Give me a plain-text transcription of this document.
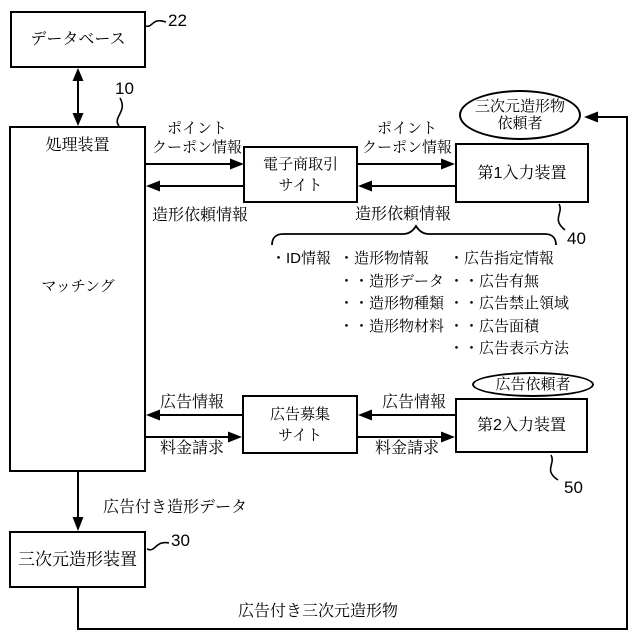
データベース
処理装置
マッチング
電子商取引
サイト
第1入力装置
三次元造形物
依頼者
広告募集
サイト
第2入力装置
広告依頼者
三次元造形装置
22
10
40
50
30
ポイント
クーポン情報
ポイント
クーポン情報
造形依頼情報	造形依頼情報
広告情報
料金請求
広告情報
料金請求
広告付き造形データ
広告付き三次元造形物
・ID情報 ・造形物情報
・・造形データ
・・造形物種類
・・造形物材料
・広告指定情報
・・広告有無
・・広告禁止領域
・・広告面積
・・広告表示方法
